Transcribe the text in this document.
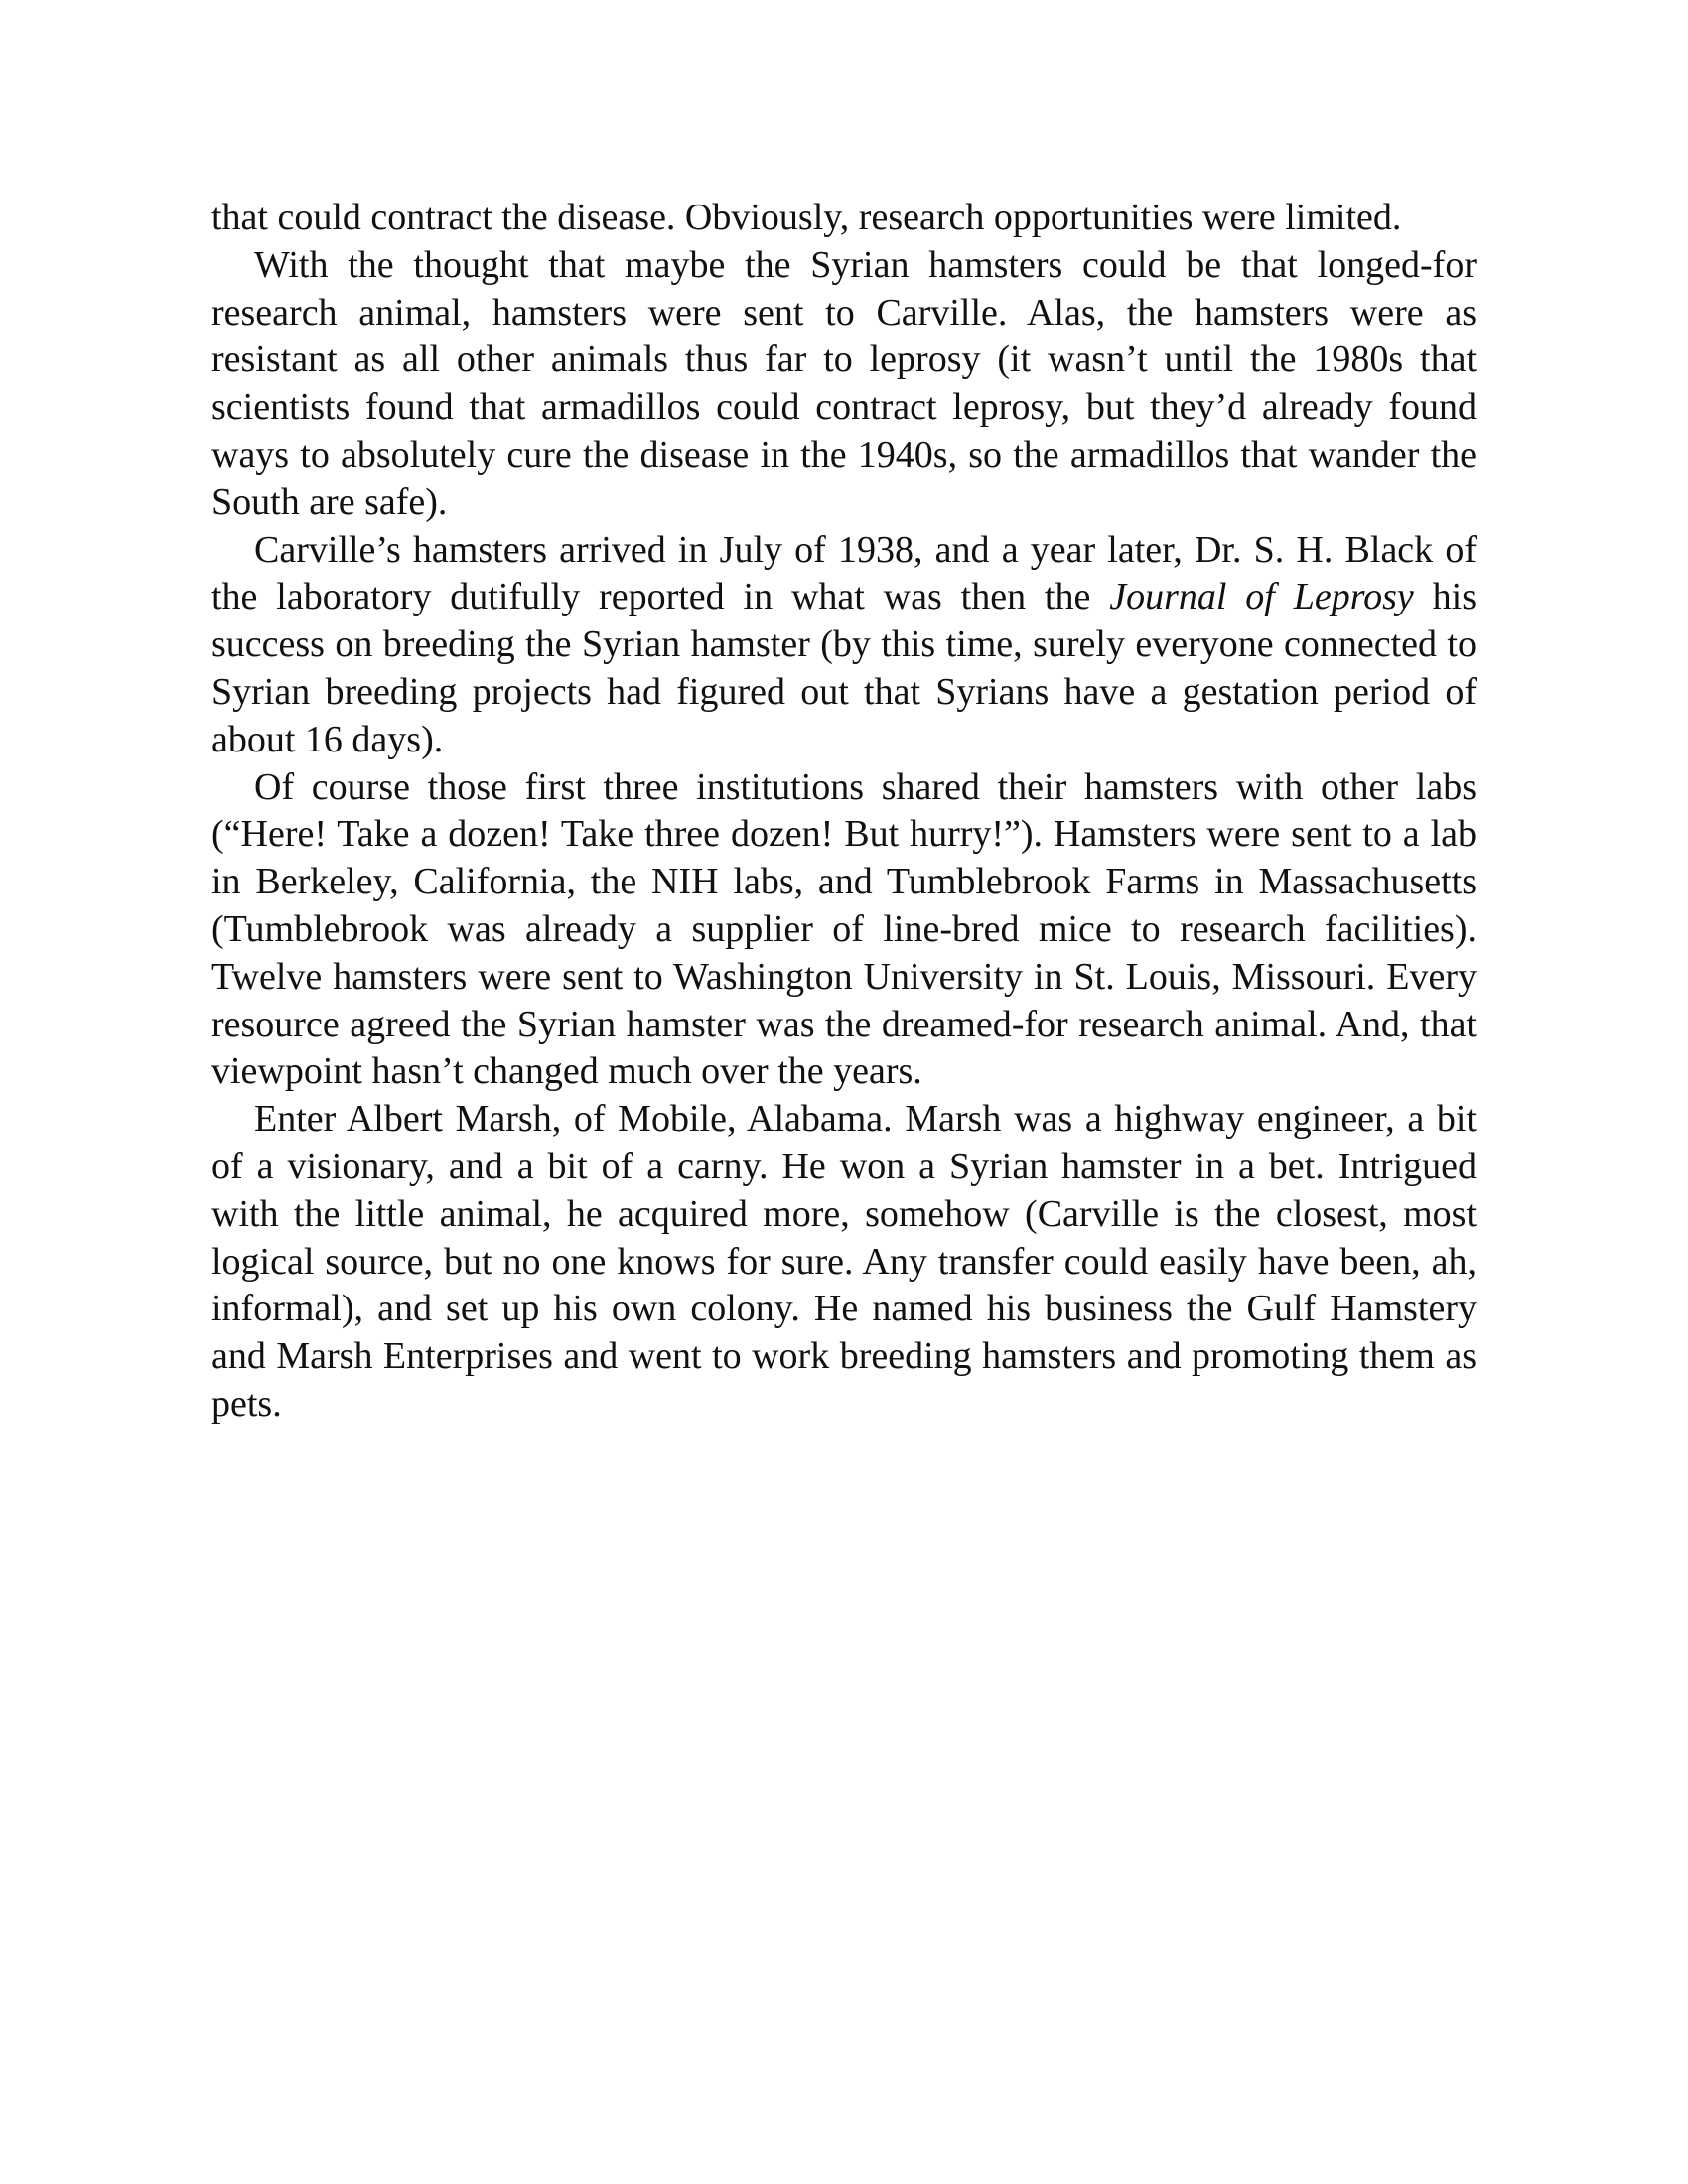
that could contract the disease. Obviously, research opportunities were limited.

With the thought that maybe the Syrian hamsters could be that longed-for research animal, hamsters were sent to Carville. Alas, the hamsters were as resistant as all other animals thus far to leprosy (it wasn’t until the 1980s that scientists found that armadillos could contract leprosy, but they’d already found ways to absolutely cure the disease in the 1940s, so the armadillos that wander the South are safe).

Carville’s hamsters arrived in July of 1938, and a year later, Dr. S. H. Black of the laboratory dutifully reported in what was then the Journal of Leprosy his success on breeding the Syrian hamster (by this time, surely everyone connected to Syrian breeding projects had figured out that Syrians have a gestation period of about 16 days).

Of course those first three institutions shared their hamsters with other labs (“Here! Take a dozen! Take three dozen! But hurry!”). Hamsters were sent to a lab in Berkeley, California, the NIH labs, and Tumblebrook Farms in Massachusetts (Tumblebrook was already a supplier of line-bred mice to research facilities). Twelve hamsters were sent to Washington University in St. Louis, Missouri. Every resource agreed the Syrian hamster was the dreamed-for research animal. And, that viewpoint hasn’t changed much over the years.

Enter Albert Marsh, of Mobile, Alabama. Marsh was a highway engineer, a bit of a visionary, and a bit of a carny. He won a Syrian hamster in a bet. Intrigued with the little animal, he acquired more, somehow (Carville is the closest, most logical source, but no one knows for sure. Any transfer could easily have been, ah, informal), and set up his own colony. He named his business the Gulf Hamstery and Marsh Enterprises and went to work breeding hamsters and promoting them as pets.
